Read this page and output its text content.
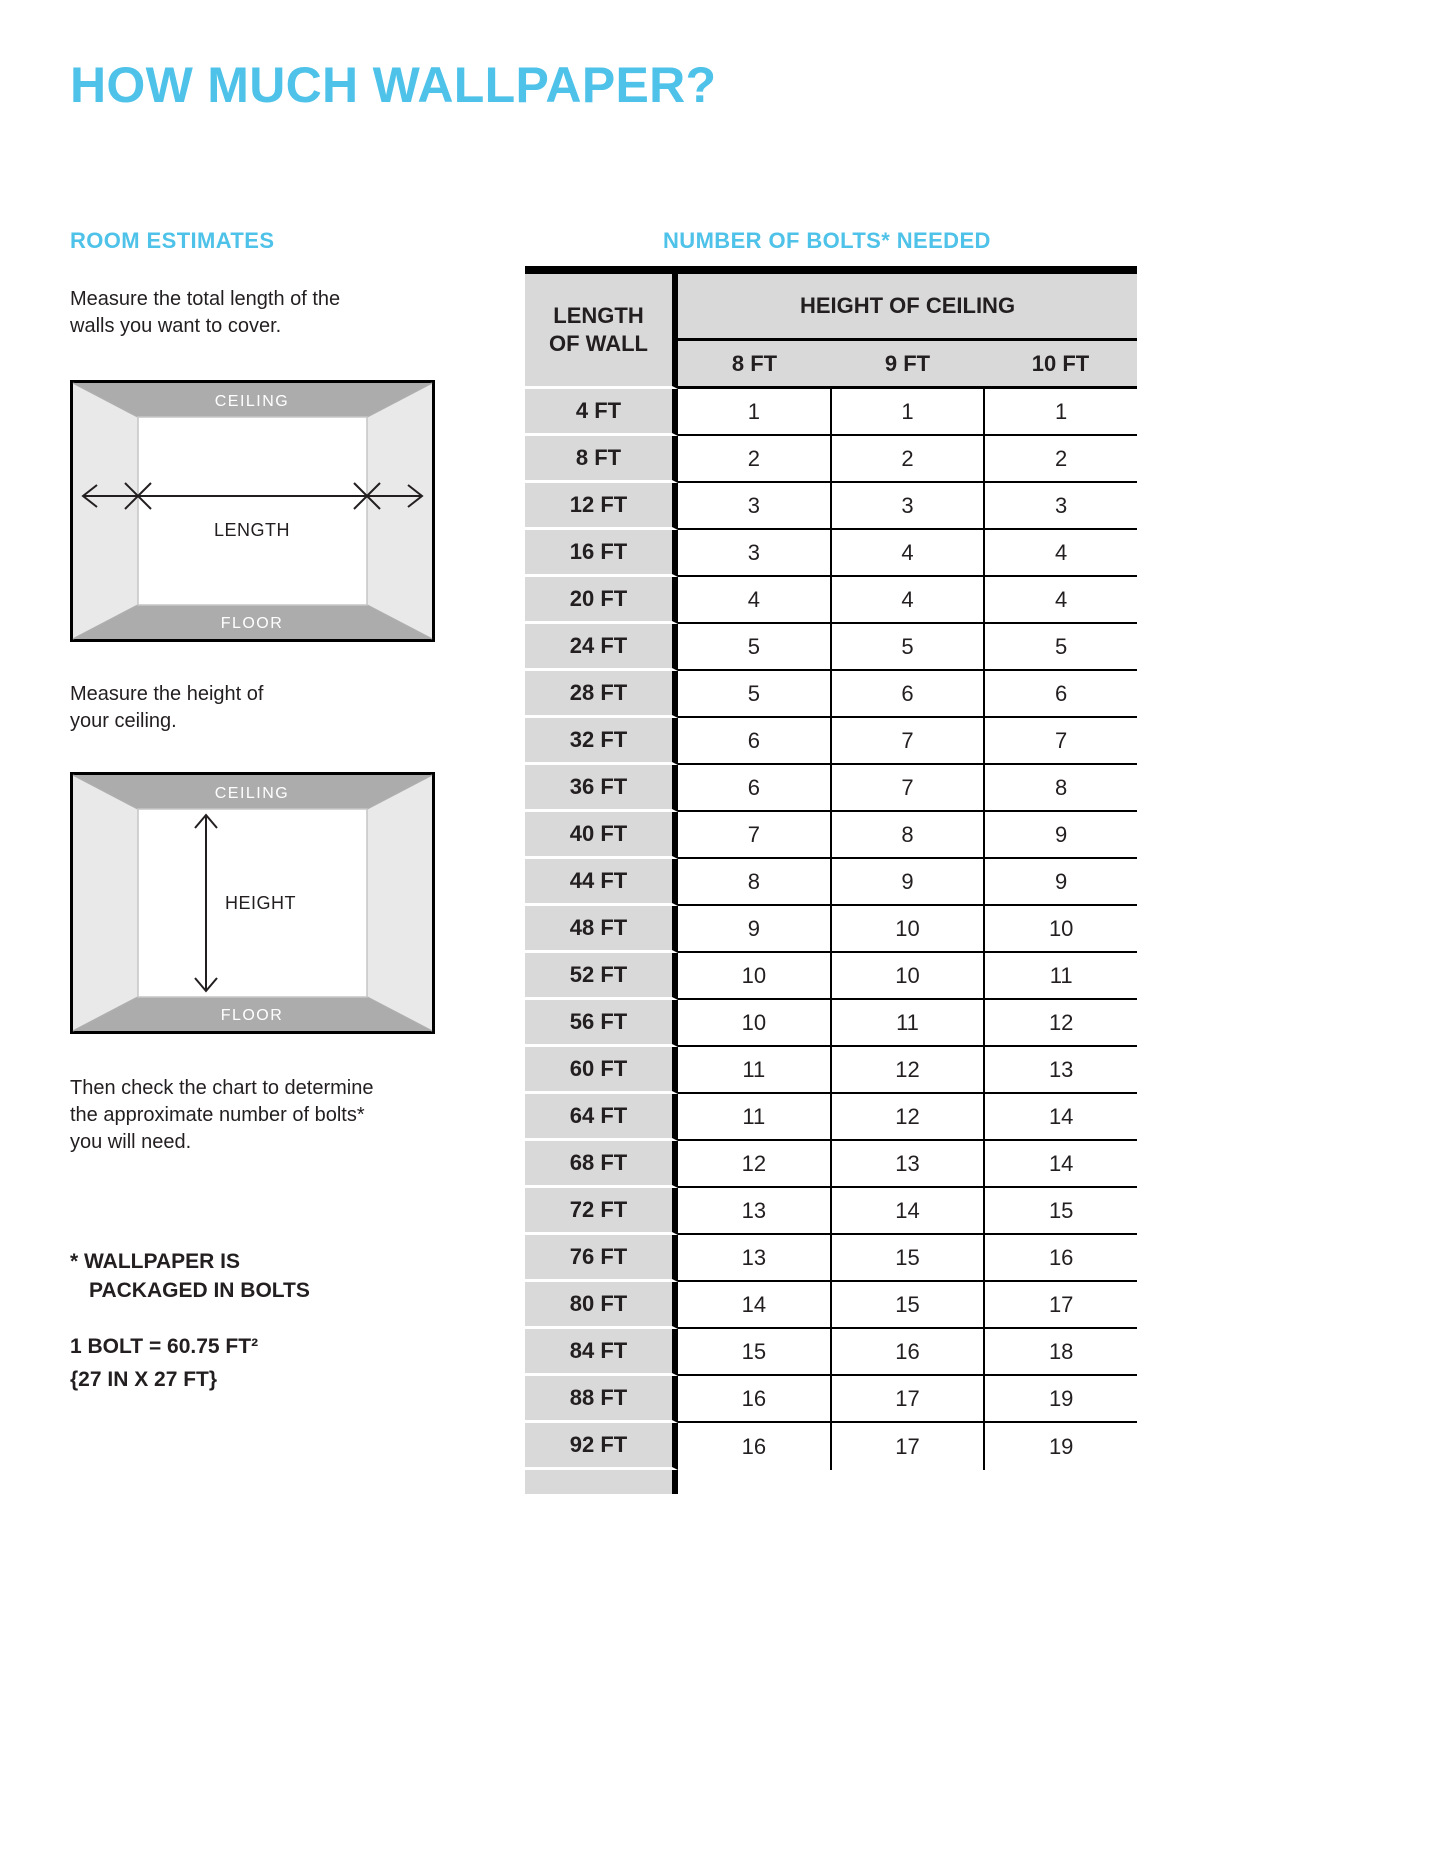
HOW MUCH WALLPAPER?
ROOM ESTIMATES	NUMBER OF BOLTS* NEEDED

Measure the total length of the walls you want to cover.

CEILING
FLOOR
LENGTH

Measure the height of your ceiling.

CEILING
FLOOR
HEIGHT

Then check the chart to determine the approximate number of bolts* you will need.

* WALLPAPER IS
PACKAGED IN BOLTS
1 BOLT = 60.75 FT²
{27 IN X 27 FT}
LENGTH OF WALL
HEIGHT OF CEILING
8 FT	9 FT	10 FT
4 FT	1	1	1
8 FT	2	2	2
12 FT	3	3	3
16 FT	3	4	4
20 FT	4	4	4
24 FT	5	5	5
28 FT	5	6	6
32 FT	6	7	7
36 FT	6	7	8
40 FT	7	8	9
44 FT	8	9	9
48 FT	9	10	10
52 FT	10	10	11
56 FT	10	11	12
60 FT	11	12	13
64 FT	11	12	14
68 FT	12	13	14
72 FT	13	14	15
76 FT	13	15	16
80 FT	14	15	17
84 FT	15	16	18
88 FT	16	17	19
92 FT	16	17	19
